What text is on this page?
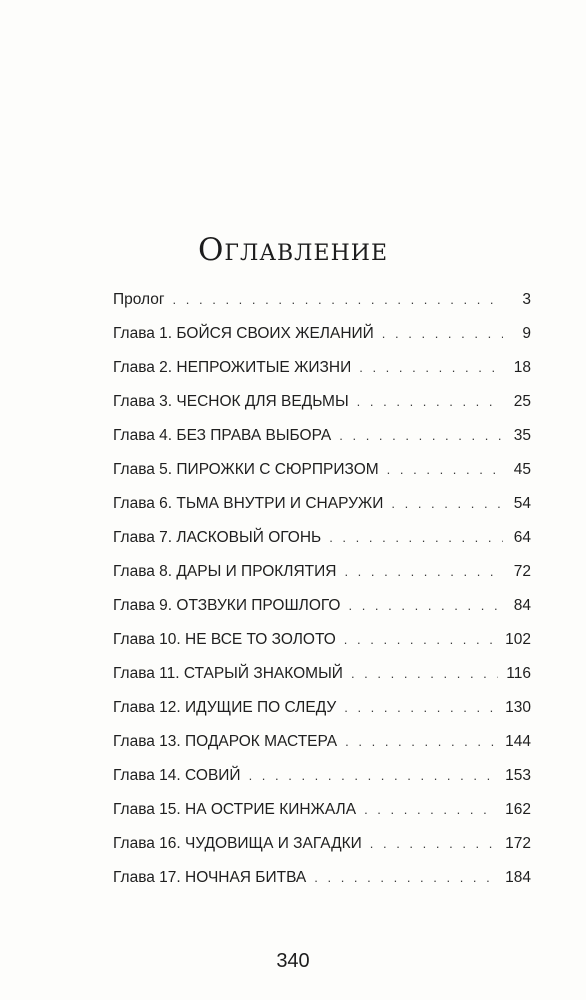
Оглавление
Пролог . . .	3
Глава 1. БОЙСЯ СВОИХ ЖЕЛАНИЙ . . .	9
Глава 2. НЕПРОЖИТЫЕ ЖИЗНИ . . .	18
Глава 3. ЧЕСНОК ДЛЯ ВЕДЬМЫ . . .	25
Глава 4. БЕЗ ПРАВА ВЫБОРА . . .	35
Глава 5. ПИРОЖКИ С СЮРПРИЗОМ . . .	45
Глава 6. ТЬМА ВНУТРИ И СНАРУЖИ . . .	54
Глава 7. ЛАСКОВЫЙ ОГОНЬ . . .	64
Глава 8. ДАРЫ И ПРОКЛЯТИЯ . . .	72
Глава 9. ОТЗВУКИ ПРОШЛОГО . . .	84
Глава 10. НЕ ВСЕ ТО ЗОЛОТО . . .	102
Глава 11. СТАРЫЙ ЗНАКОМЫЙ . . .	116
Глава 12. ИДУЩИЕ ПО СЛЕДУ . . .	130
Глава 13. ПОДАРОК МАСТЕРА . . .	144
Глава 14. СОВИЙ . . .	153
Глава 15. НА ОСТРИЕ КИНЖАЛА . . .	162
Глава 16. ЧУДОВИЩА И ЗАГАДКИ . . .	172
Глава 17. НОЧНАЯ БИТВА . . .	184
340
